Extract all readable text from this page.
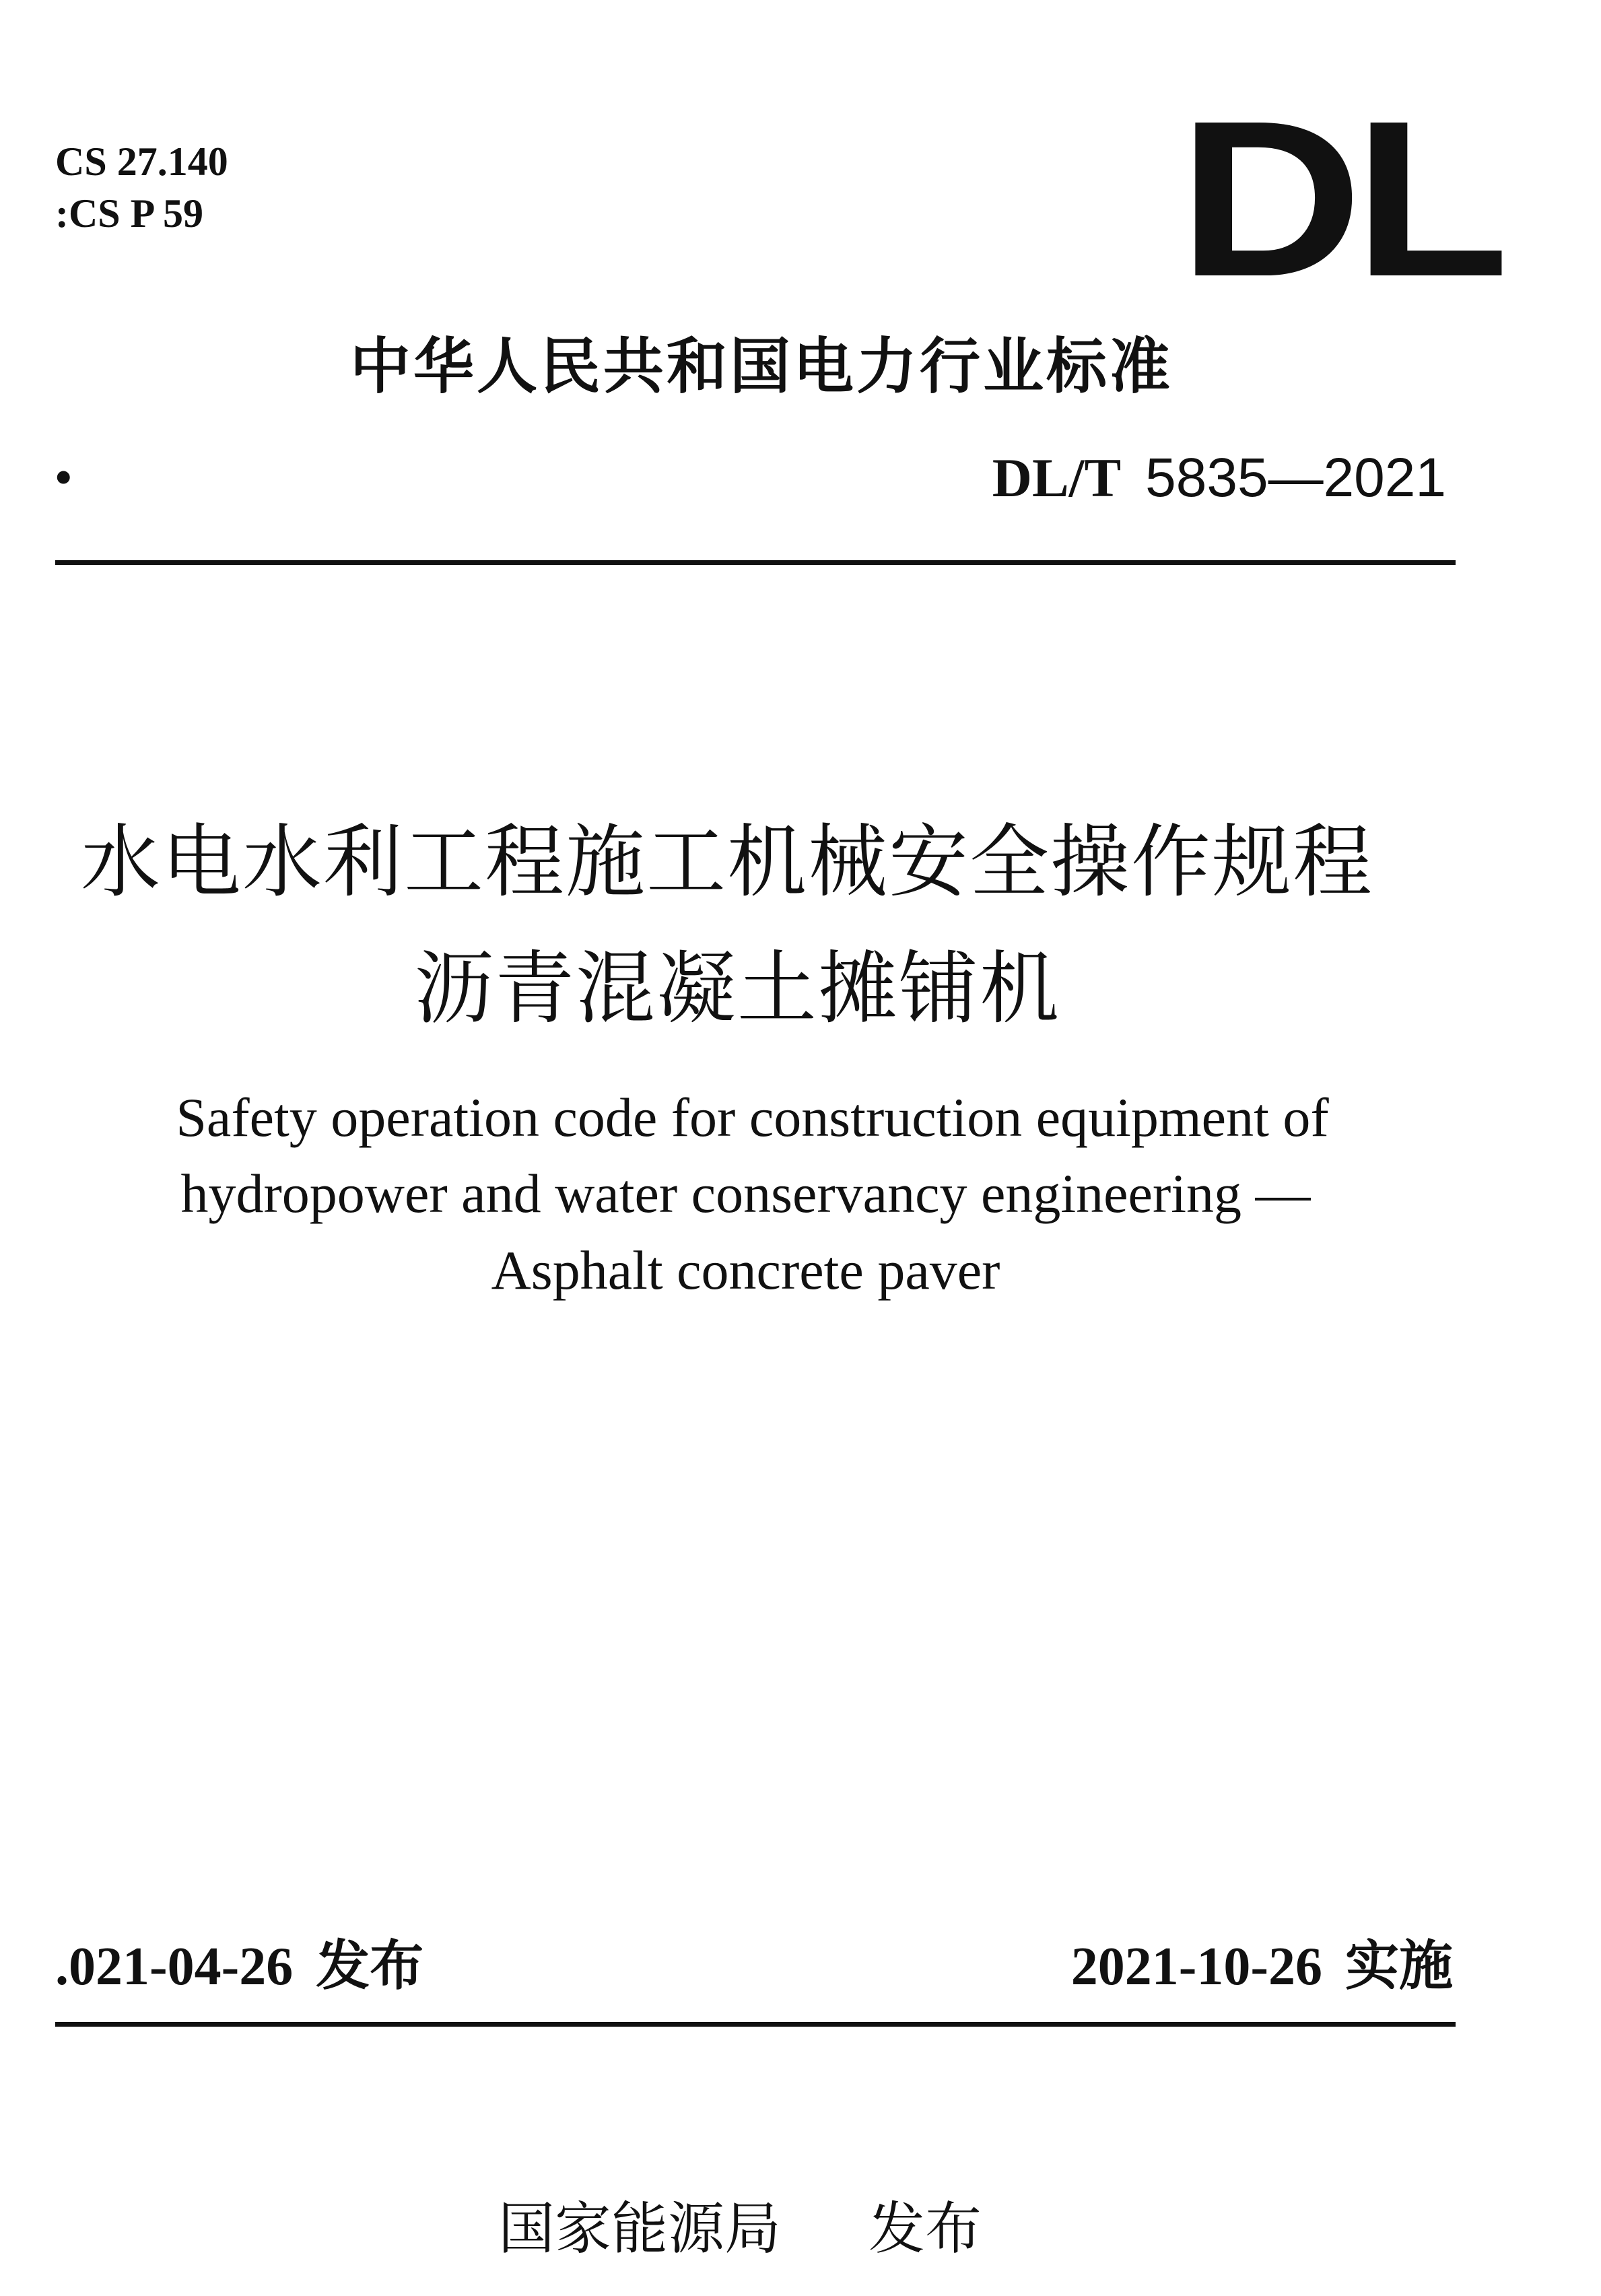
CS 27.140
:CS P 59	DL
中华人民共和国电力行业标准
•	DL/T 5835—2021
水电水利工程施工机械安全操作规程
沥青混凝土摊铺机
Safety operation code for construction equipment of
hydropower and water conservancy engineering —
Asphalt concrete paver
.021-04-26 发布	2021-10-26 实施
国家能源局 发布
